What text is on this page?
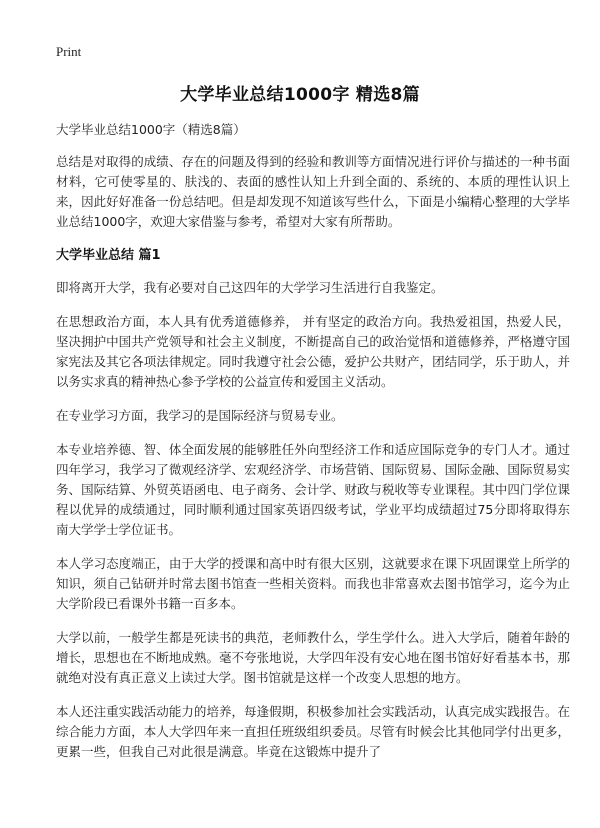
Print
大学毕业总结1000字 精选8篇

大学毕业总结1000字（精选8篇）

总结是对取得的成绩、存在的问题及得到的经验和教训等方面情况进行评价与描述的一种书面材料，它可使零星的、肤浅的、表面的感性认知上升到全面的、系统的、本质的理性认识上来，因此好好准备一份总结吧。但是却发现不知道该写些什么，下面是小编精心整理的大学毕业总结1000字，欢迎大家借鉴与参考，希望对大家有所帮助。

大学毕业总结 篇1

即将离开大学，我有必要对自己这四年的大学学习生活进行自我鉴定。

在思想政治方面，本人具有优秀道德修养， 并有坚定的政治方向。我热爱祖国，热爱人民，坚决拥护中国共产党领导和社会主义制度，不断提高自己的政治觉悟和道德修养，严格遵守国家宪法及其它各项法律规定。同时我遵守社会公德，爱护公共财产，团结同学，乐于助人，并以务实求真的精神热心参予学校的公益宣传和爱国主义活动。

在专业学习方面，我学习的是国际经济与贸易专业。

本专业培养德、智、体全面发展的能够胜任外向型经济工作和适应国际竞争的专门人才。通过四年学习，我学习了微观经济学、宏观经济学、市场营销、国际贸易、国际金融、国际贸易实务、国际结算、外贸英语函电、电子商务、会计学、财政与税收等专业课程。其中四门学位课程以优异的成绩通过，同时顺利通过国家英语四级考试，学业平均成绩超过75分即将取得东南大学学士学位证书。

本人学习态度端正，由于大学的授课和高中时有很大区别，这就要求在课下巩固课堂上所学的知识，须自己钻研并时常去图书馆查一些相关资料。而我也非常喜欢去图书馆学习，迄今为止大学阶段已看课外书籍一百多本。

大学以前，一般学生都是死读书的典范，老师教什么，学生学什么。进入大学后，随着年龄的增长，思想也在不断地成熟。毫不夸张地说，大学四年没有安心地在图书馆好好看基本书，那就绝对没有真正意义上读过大学。图书馆就是这样一个改变人思想的地方。

本人还注重实践活动能力的培养，每逢假期，积极参加社会实践活动，认真完成实践报告。在综合能力方面，本人大学四年来一直担任班级组织委员。尽管有时候会比其他同学付出更多，更累一些，但我自己对此很是满意。毕竟在这锻炼中提升了
